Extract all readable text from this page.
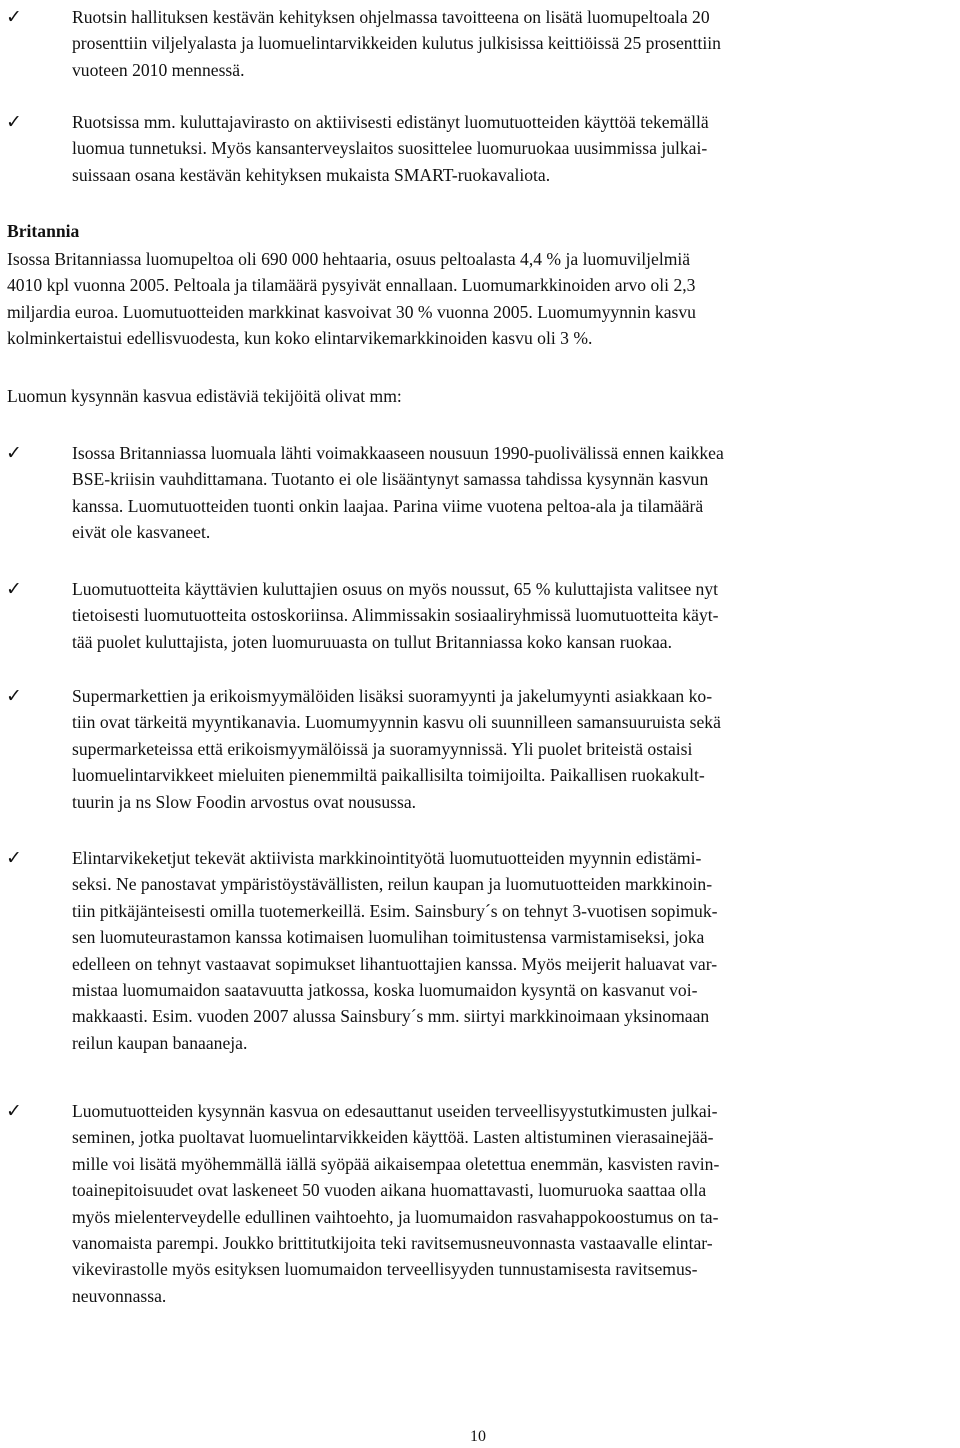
✓	Ruotsin hallituksen kestävän kehityksen ohjelmassa tavoitteena on lisätä luomupeltoala 20
prosenttiin viljelyalasta ja luomuelintarvikkeiden kulutus julkisissa keittiöissä 25 prosenttiin
vuoteen 2010 mennessä.
✓	Ruotsissa mm. kuluttajavirasto on aktiivisesti edistänyt luomutuotteiden käyttöä tekemällä
luomua tunnetuksi. Myös kansanterveyslaitos suosittelee luomuruokaa uusimmissa julkai-
suissaan osana kestävän kehityksen mukaista SMART-ruokavaliota.
Britannia
Isossa Britanniassa luomupeltoa oli 690 000 hehtaaria, osuus peltoalasta 4,4 % ja luomuviljelmiä
4010 kpl vuonna 2005. Peltoala ja tilamäärä pysyivät ennallaan. Luomumarkkinoiden arvo oli 2,3
miljardia euroa. Luomutuotteiden markkinat kasvoivat 30 % vuonna 2005. Luomumyynnin kasvu
kolminkertaistui edellisvuodesta, kun koko elintarvikemarkkinoiden kasvu oli 3 %.
Luomun kysynnän kasvua edistäviä tekijöitä olivat mm:
✓	Isossa Britanniassa luomuala lähti voimakkaaseen nousuun 1990-puolivälissä ennen kaikkea
BSE-kriisin vauhdittamana. Tuotanto ei ole lisääntynyt samassa tahdissa kysynnän kasvun
kanssa. Luomutuotteiden tuonti onkin laajaa. Parina viime vuotena peltoa-ala ja tilamäärä
eivät ole kasvaneet.
✓	Luomutuotteita käyttävien kuluttajien osuus on myös noussut, 65 % kuluttajista valitsee nyt
tietoisesti luomutuotteita ostoskoriinsa. Alimmissakin sosiaaliryhmissä luomutuotteita käyt-
tää puolet kuluttajista, joten luomuruuasta on tullut Britanniassa koko kansan ruokaa.
✓	Supermarkettien ja erikoismyymälöiden lisäksi suoramyynti ja jakelumyynti asiakkaan ko-
tiin ovat tärkeitä myyntikanavia. Luomumyynnin kasvu oli suunnilleen samansuuruista sekä
supermarketeissa että erikoismyymälöissä ja suoramyynnissä. Yli puolet briteistä ostaisi
luomuelintarvikkeet mieluiten pienemmiltä paikallisilta toimijoilta. Paikallisen ruokakult-
tuurin ja ns Slow Foodin arvostus ovat nousussa.
✓	Elintarvikeketjut tekevät aktiivista markkinointityötä luomutuotteiden myynnin edistämi-
seksi. Ne panostavat ympäristöystävällisten, reilun kaupan ja luomutuotteiden markkinoin-
tiin pitkäjänteisesti omilla tuotemerkeillä. Esim. Sainsbury´s on tehnyt 3-vuotisen sopimuk-
sen luomuteurastamon kanssa kotimaisen luomulihan toimitustensa varmistamiseksi, joka
edelleen on tehnyt vastaavat sopimukset lihantuottajien kanssa. Myös meijerit haluavat var-
mistaa luomumaidon saatavuutta jatkossa, koska luomumaidon kysyntä on kasvanut voi-
makkaasti. Esim. vuoden 2007 alussa Sainsbury´s mm. siirtyi markkinoimaan yksinomaan
reilun kaupan banaaneja.
✓	Luomutuotteiden kysynnän kasvua on edesauttanut useiden terveellisyystutkimusten julkai-
seminen, jotka puoltavat luomuelintarvikkeiden käyttöä. Lasten altistuminen vierasainejää-
mille voi lisätä myöhemmällä iällä syöpää aikaisempaa oletettua enemmän, kasvisten ravin-
toainepitoisuudet ovat laskeneet 50 vuoden aikana huomattavasti, luomuruoka saattaa olla
myös mielenterveydelle edullinen vaihtoehto, ja luomumaidon rasvahappokoostumus on ta-
vanomaista parempi. Joukko brittitutkijoita teki ravitsemusneuvonnasta vastaavalle elintar-
vikevirastolle myös esityksen luomumaidon terveellisyyden tunnustamisesta ravitsemus-
neuvonnassa.
10
